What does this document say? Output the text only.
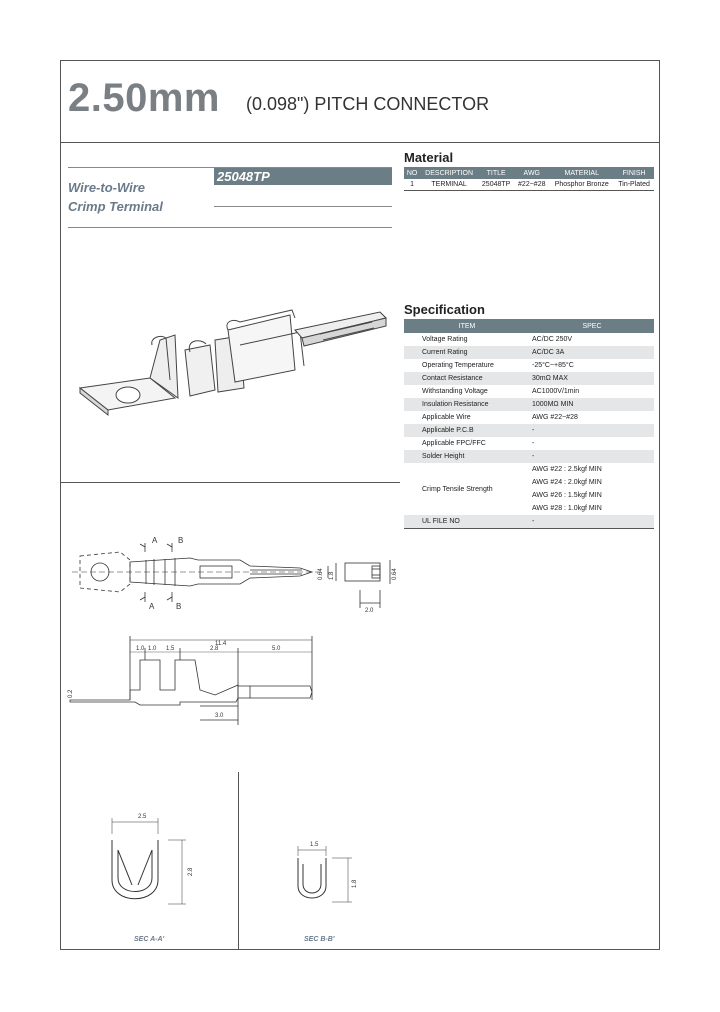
2.50mm (0.098") PITCH CONNECTOR
Wire-to-Wire
Crimp Terminal
25048TP
Material
NO	DESCRIPTION	TITLE	AWG	MATERIAL	FINISH
1	TERMINAL	25048TP	#22~#28	Phosphor Bronze	Tin-Plated
Specification
ITEM	SPEC
Voltage Rating	AC/DC 250V
Current Rating	AC/DC 3A
Operating Temperature	-25°C~+85°C
Contact Resistance	30mΩ MAX
Withstanding Voltage	AC1000V/1min
Insulation Resistance	1000MΩ MIN
Applicable Wire	AWG #22~#28
Applicable P.C.B	-
Applicable FPC/FFC	-
Solder Height	-
Crimp Tensile Strength	AWG #22 : 2.5kgf MIN
AWG #24 : 2.0kgf MIN
AWG #26 : 1.5kgf MIN
AWG #28 : 1.0kgf MIN

UL FILE NO	-
A	B
A	B
0.64 1.8	0.64
2.0
11.4
1.0 1.0 1.5	2.8	5.0
3.0
0.2
2.5
2.8
1.5
1.8
SEC A-A'	SEC B-B'
